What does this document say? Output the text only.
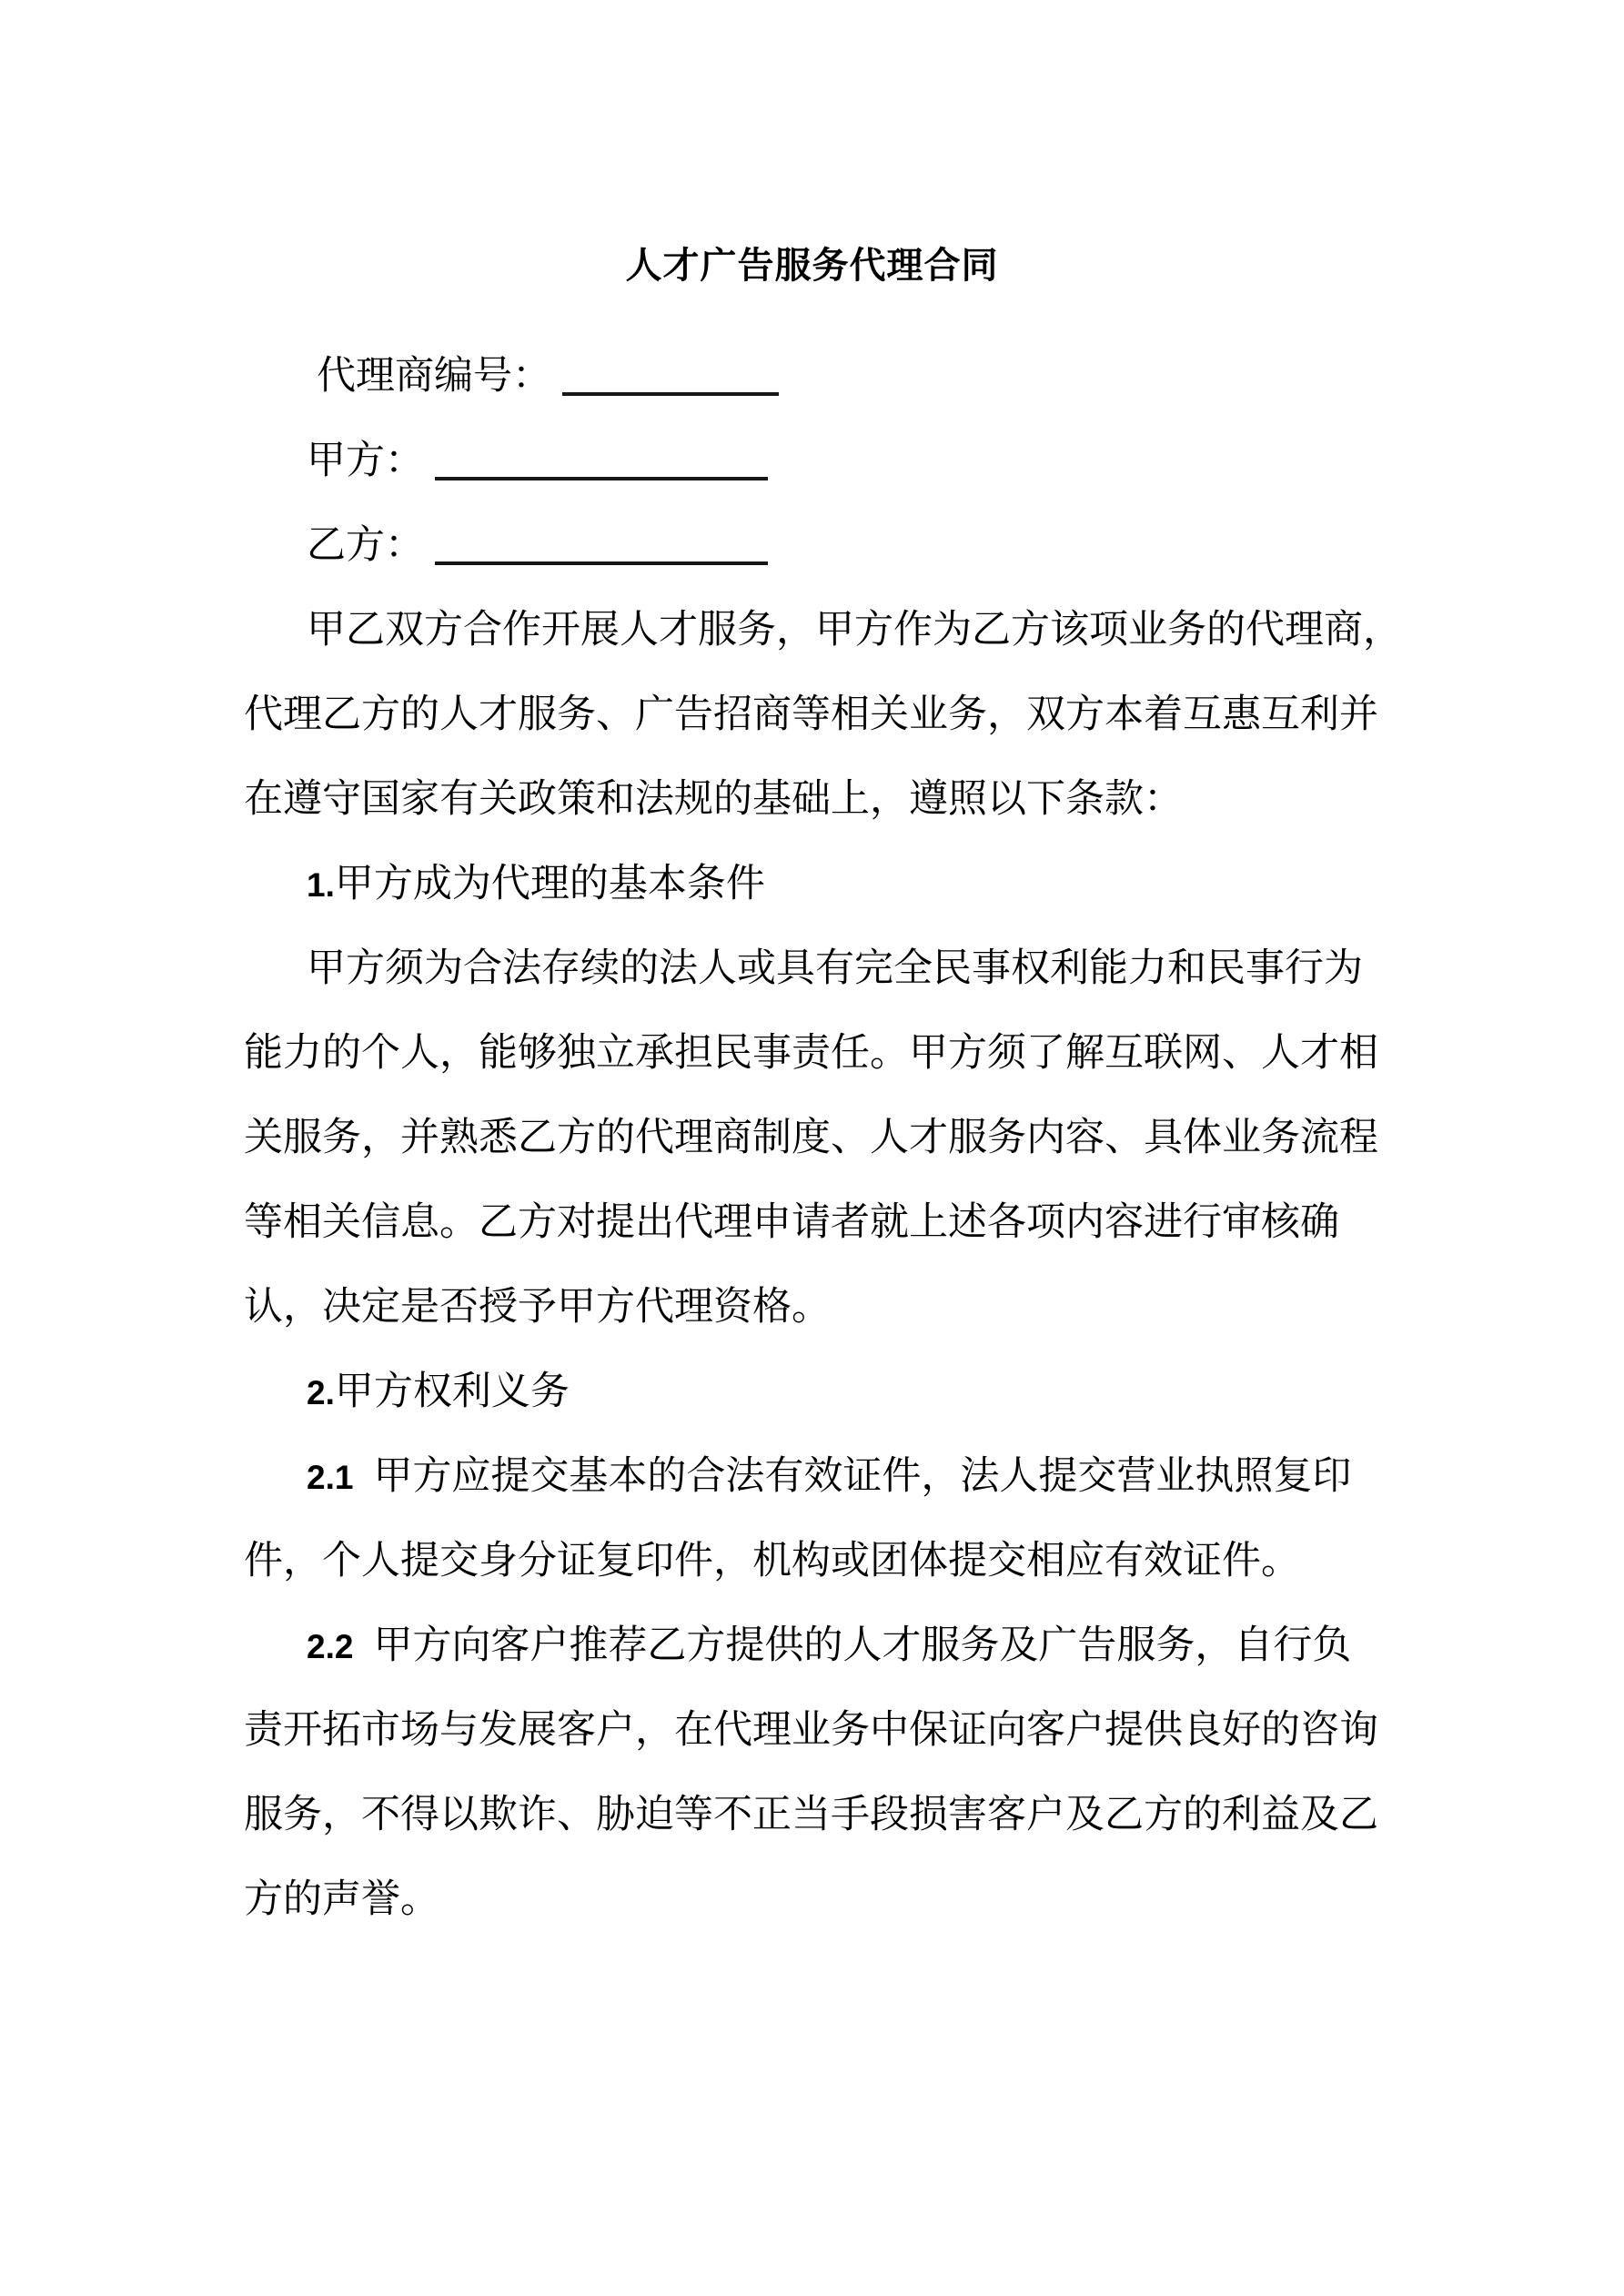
人才广告服务代理合同
代理商编号：
甲方：
乙方：
甲乙双方合作开展人才服务，甲方作为乙方该项业务的代理商，
代理乙方的人才服务、广告招商等相关业务，双方本着互惠互利并
在遵守国家有关政策和法规的基础上，遵照以下条款：
1.甲方成为代理的基本条件
甲方须为合法存续的法人或具有完全民事权利能力和民事行为
能力的个人，能够独立承担民事责任。甲方须了解互联网、人才相
关服务，并熟悉乙方的代理商制度、人才服务内容、具体业务流程
等相关信息。乙方对提出代理申请者就上述各项内容进行审核确
认，决定是否授予甲方代理资格。
2.甲方权利义务
2.1 甲方应提交基本的合法有效证件，法人提交营业执照复印
件，个人提交身分证复印件，机构或团体提交相应有效证件。
2.2 甲方向客户推荐乙方提供的人才服务及广告服务，自行负
责开拓市场与发展客户，在代理业务中保证向客户提供良好的咨询
服务，不得以欺诈、胁迫等不正当手段损害客户及乙方的利益及乙
方的声誉。
